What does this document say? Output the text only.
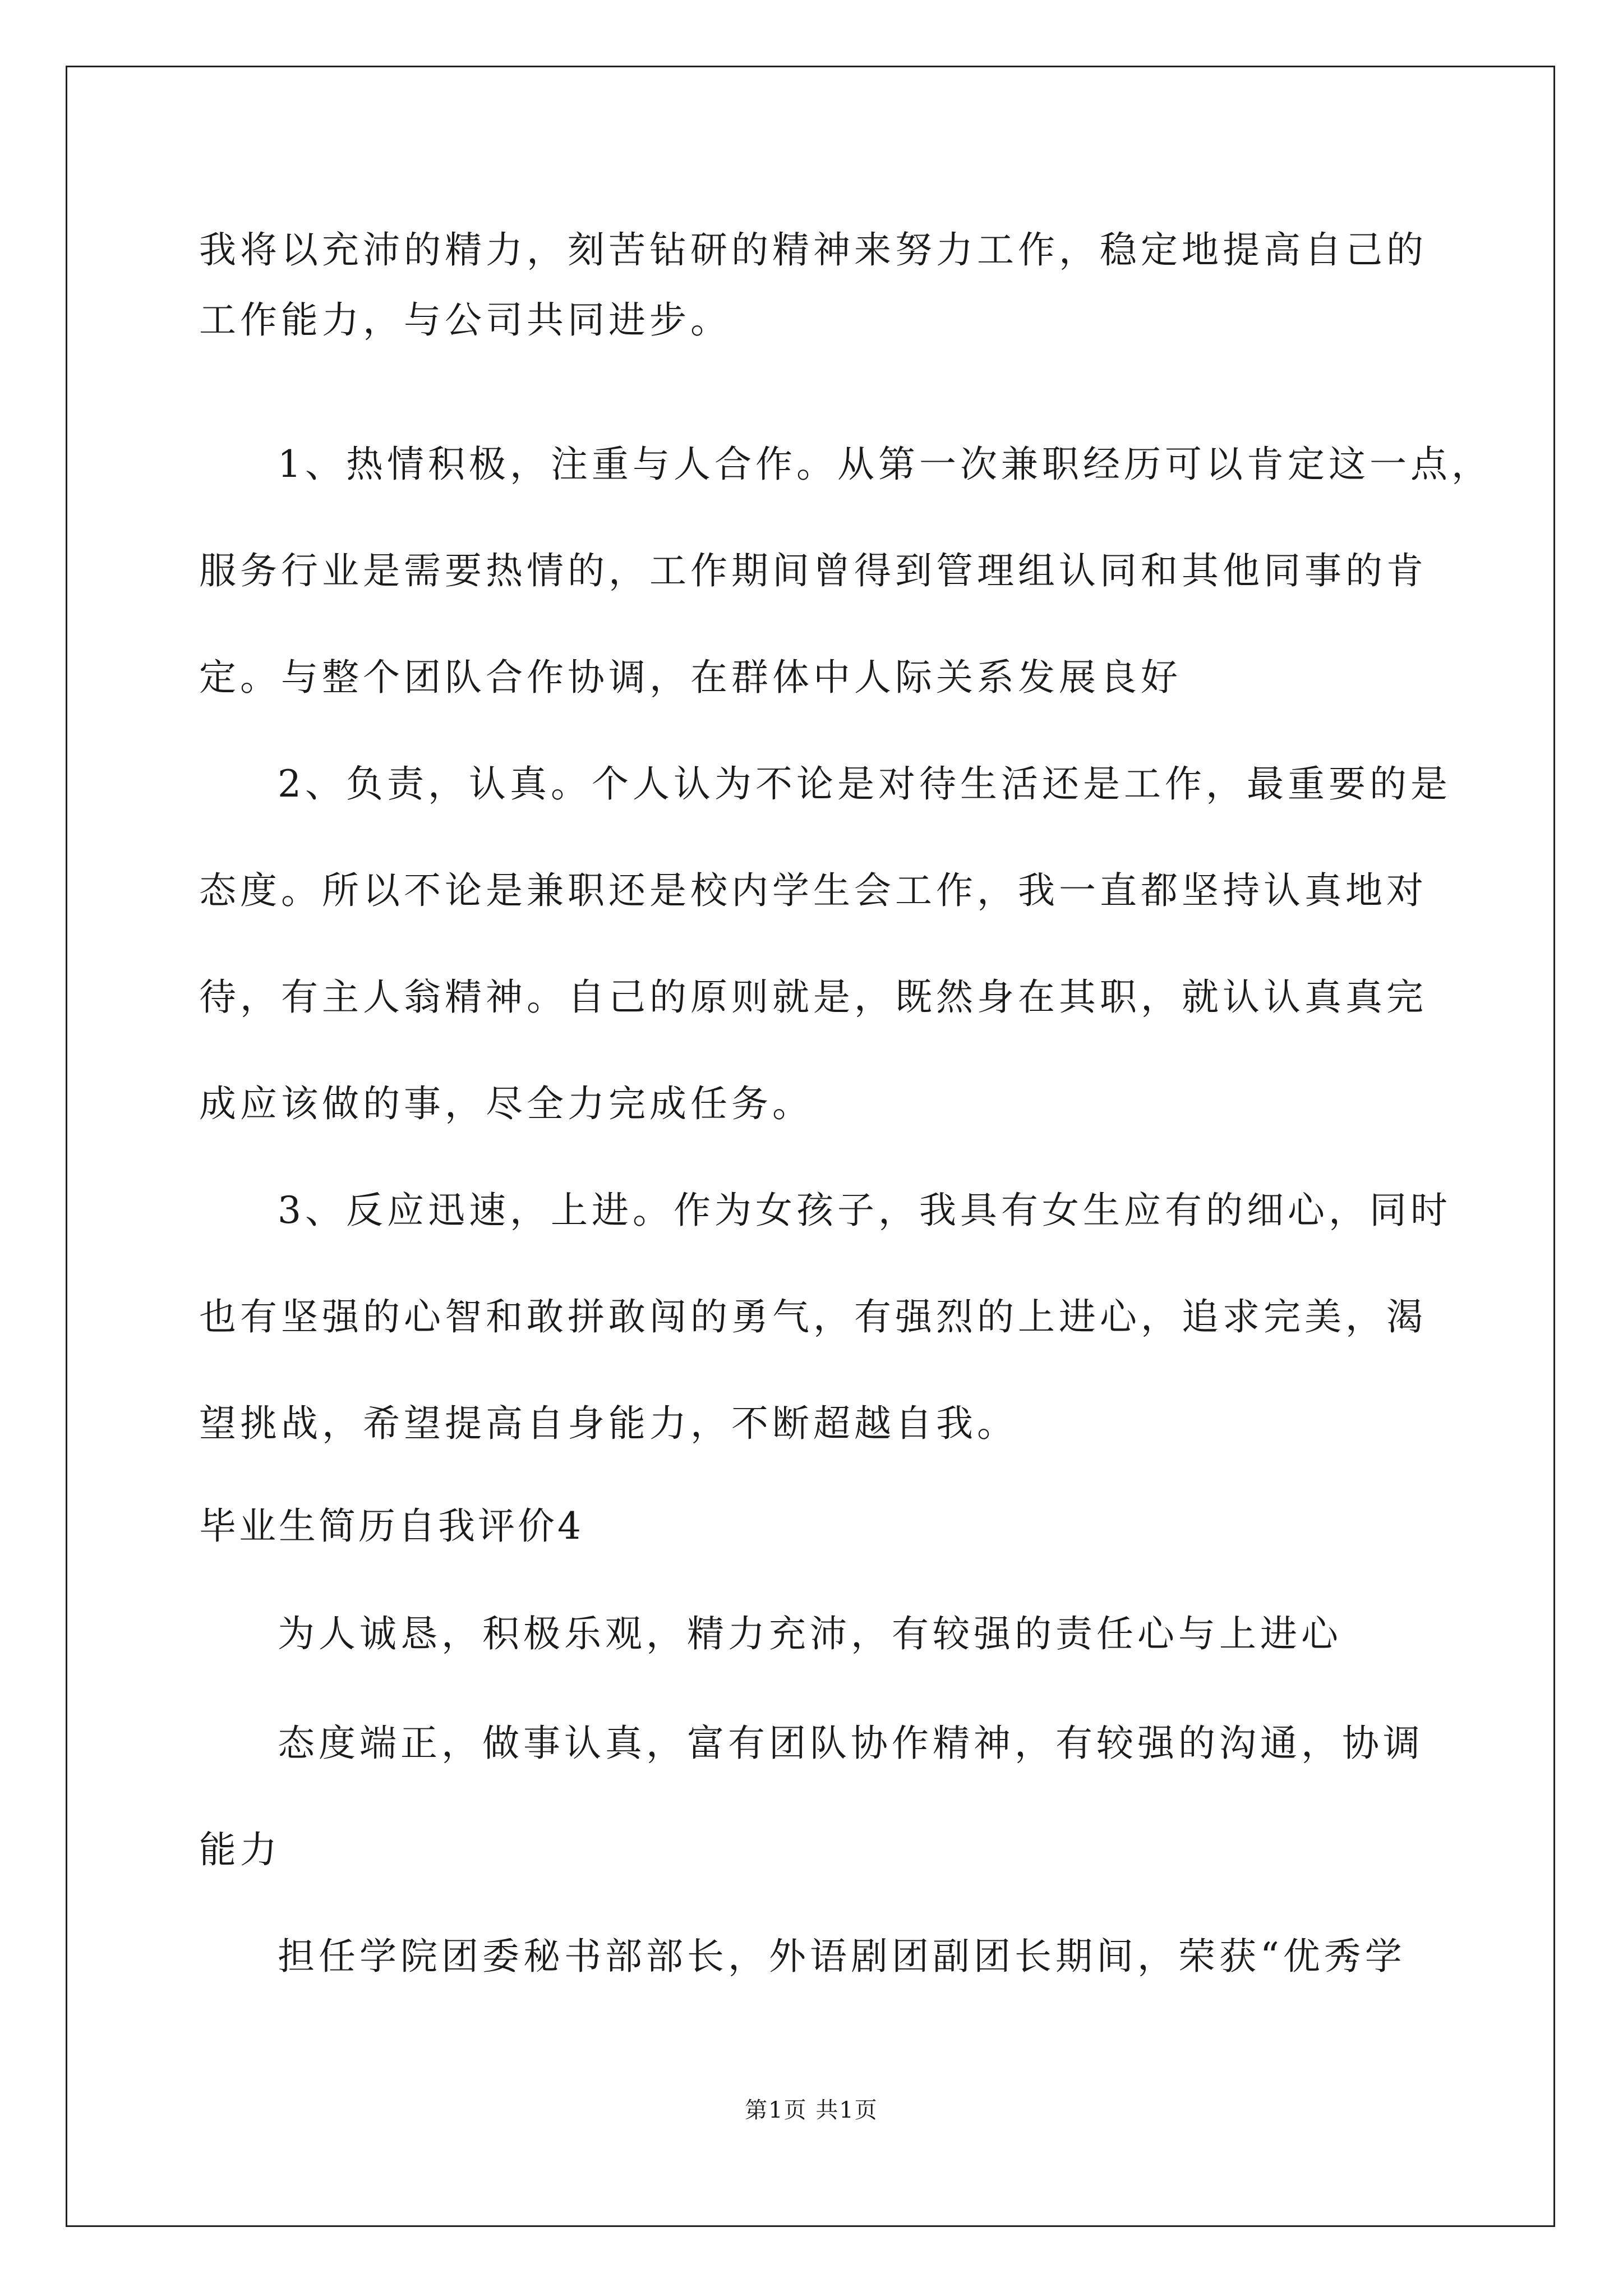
我将以充沛的精力，刻苦钻研的精神来努力工作，稳定地提高自己的
工作能力，与公司共同进步。
1、热情积极，注重与人合作。从第一次兼职经历可以肯定这一点，
服务行业是需要热情的，工作期间曾得到管理组认同和其他同事的肯
定。与整个团队合作协调，在群体中人际关系发展良好
2、负责，认真。个人认为不论是对待生活还是工作，最重要的是
态度。所以不论是兼职还是校内学生会工作，我一直都坚持认真地对
待，有主人翁精神。自己的原则就是，既然身在其职，就认认真真完
成应该做的事，尽全力完成任务。
3、反应迅速，上进。作为女孩子，我具有女生应有的细心，同时
也有坚强的心智和敢拼敢闯的勇气，有强烈的上进心，追求完美，渴
望挑战，希望提高自身能力，不断超越自我。
毕业生简历自我评价4
为人诚恳，积极乐观，精力充沛，有较强的责任心与上进心
态度端正，做事认真，富有团队协作精神，有较强的沟通，协调
能力
担任学院团委秘书部部长，外语剧团副团长期间，荣获“优秀学
第1页 共1页
